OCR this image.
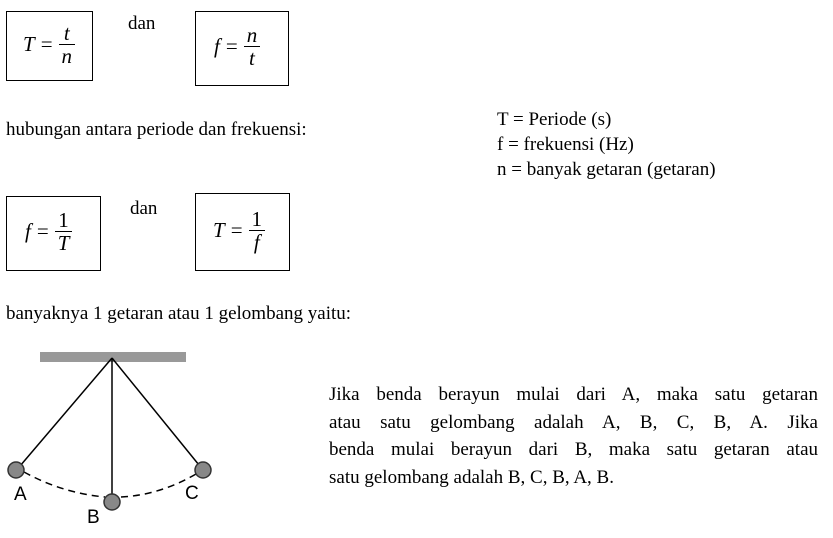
$T = \frac{t}{n}$	dan
$f = \frac{n}{t}$
hubungan antara periode dan frekuensi:	T = Periode (s)
f = frekuensi (Hz)
n = banyak getaran (getaran)
$f = \frac{1}{T}$
dan
$T = \frac{1}{f}$
banyaknya 1 getaran atau 1 gelombang yaitu:
A
B
C
Jika benda berayun mulai dari A, maka satu getaran
atau satu gelombang adalah A, B, C, B, A. Jika
benda mulai berayun dari B, maka satu getaran atau
satu gelombang adalah B, C, B, A, B.
